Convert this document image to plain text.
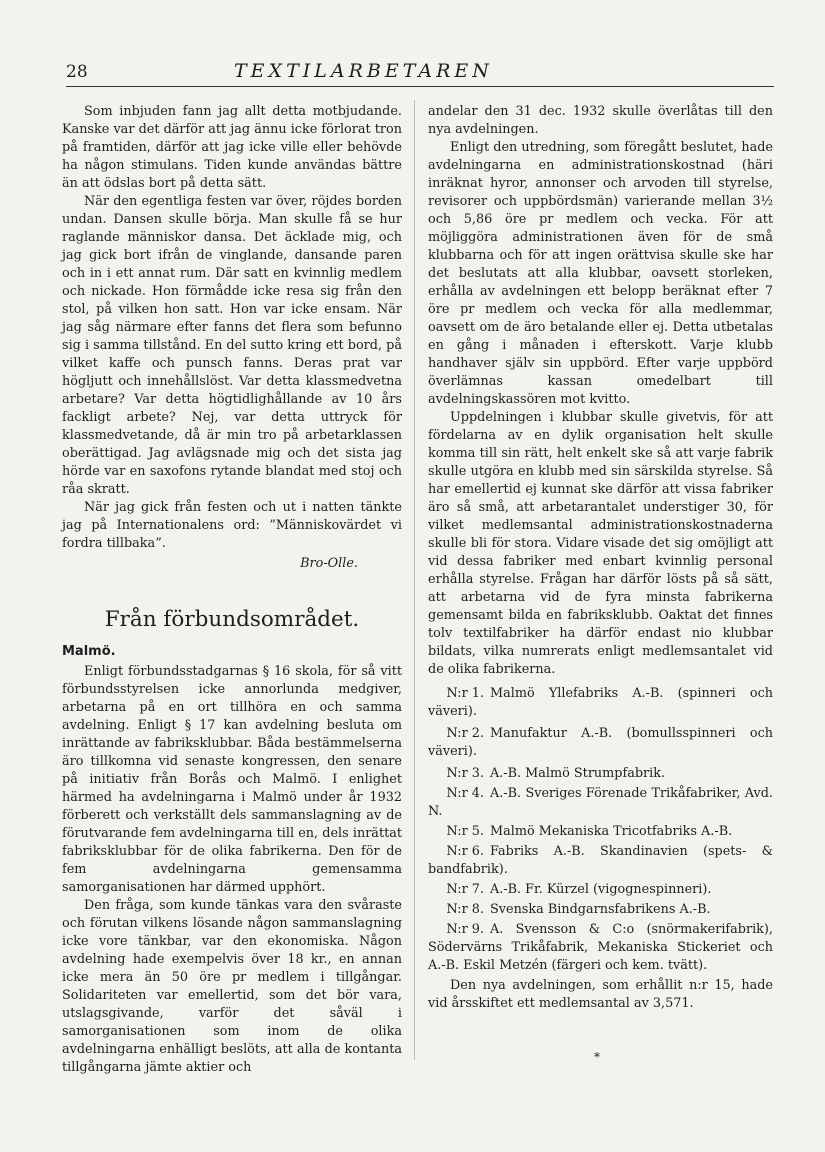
28	TEXTILARBETAREN

Som inbjuden fann jag allt detta motbjudande. Kanske var det därför att jag ännu icke förlorat tron på framtiden, därför att jag icke ville eller behövde ha någon stimulans. Tiden kunde användas bättre än att ödslas bort på detta sätt.

När den egentliga festen var över, röjdes borden undan. Dansen skulle börja. Man skulle få se hur raglande människor dansa. Det äcklade mig, och jag gick bort ifrån de vinglande, dansande paren och in i ett annat rum. Där satt en kvinnlig medlem och nickade. Hon förmådde icke resa sig från den stol, på vilken hon satt. Hon var icke ensam. När jag såg närmare efter fanns det flera som befunno sig i samma tillstånd. En del sutto kring ett bord, på vilket kaffe och punsch fanns. Deras prat var högljutt och innehållslöst. Var detta klassmedvetna arbetare? Var detta högtidlighållande av 10 års fackligt arbete? Nej, var detta uttryck för klassmedvetande, då är min tro på arbetarklassen oberättigad. Jag avlägsnade mig och det sista jag hörde var en saxofons rytande blandat med stoj och råa skratt.

När jag gick från festen och ut i natten tänkte jag på Internationalens ord: ”Människovärdet vi fordra tillbaka”.

Bro-Olle.
Från förbundsområdet.
Malmö.

Enligt förbundsstadgarnas § 16 skola, för så vitt förbundsstyrelsen icke annorlunda medgiver, arbetarna på en ort tillhöra en och samma avdelning. Enligt § 17 kan avdelning besluta om inrättande av fabriksklubbar. Båda bestämmelserna äro tillkomna vid senaste kongressen, den senare på initiativ från Borås och Malmö. I enlighet härmed ha avdelningarna i Malmö under år 1932 förberett och verkställt dels sammanslagning av de förutvarande fem avdelningarna till en, dels inrättat fabriksklubbar för de olika fabrikerna. Den för de fem avdelningarna gemensamma samorganisationen har därmed upphört.

Den fråga, som kunde tänkas vara den svåraste och förutan vilkens lösande någon sammanslagning icke vore tänkbar, var den ekonomiska. Någon avdelning hade exempelvis över 18 kr., en annan icke mera än 50 öre pr medlem i tillgångar. Solidariteten var emellertid, som det bör vara, utslagsgivande, varför det såväl i samorganisationen som inom de olika avdelningarna enhälligt beslöts, att alla de kontanta tillgångarna jämte aktier och

andelar den 31 dec. 1932 skulle överlåtas till den nya avdelningen.

Enligt den utredning, som föregått beslutet, hade avdelningarna en administrationskostnad (häri inräknat hyror, annonser och arvoden till styrelse, revisorer och uppbördsmän) varierande mellan 3½ och 5,86 öre pr medlem och vecka. För att möjliggöra administrationen även för de små klubbarna och för att ingen orättvisa skulle ske har det beslutats att alla klubbar, oavsett storleken, erhålla av avdelningen ett belopp beräknat efter 7 öre pr medlem och vecka för alla medlemmar, oavsett om de äro betalande eller ej. Detta utbetalas en gång i månaden i efterskott. Varje klubb handhaver själv sin uppbörd. Efter varje uppbörd överlämnas kassan omedelbart till avdelningskassören mot kvitto.

Uppdelningen i klubbar skulle givetvis, för att fördelarna av en dylik organisation helt skulle komma till sin rätt, helt enkelt ske så att varje fabrik skulle utgöra en klubb med sin särskilda styrelse. Så har emellertid ej kunnat ske därför att vissa fabriker äro så små, att arbetarantalet understiger 30, för vilket medlemsantal administrationskostnaderna skulle bli för stora. Vidare visade det sig omöjligt att vid dessa fabriker med enbart kvinnlig personal erhålla styrelse. Frågan har därför lösts på så sätt, att arbetarna vid de fyra minsta fabrikerna gemensamt bilda en fabriksklubb. Oaktat det finnes tolv textilfabriker ha därför endast nio klubbar bildats, vilka numrerats enligt medlemsantalet vid de olika fabrikerna.

N:r 1. Malmö Yllefabriks A.-B. (spinneri och väveri).

N:r 2. Manufaktur A.-B. (bomullsspinneri och väveri).

N:r 3. A.-B. Malmö Strumpfabrik.

N:r 4. A.-B. Sveriges Förenade Trikåfabriker, Avd. N.

N:r 5. Malmö Mekaniska Tricotfabriks A.-B.

N:r 6. Fabriks A.-B. Skandinavien (spets- & bandfabrik).

N:r 7. A.-B. Fr. Kürzel (vigognespinneri).

N:r 8. Svenska Bindgarnsfabrikens A.-B.

N:r 9. A. Svensson & C:o (snörmakerifabrik), Södervärns Trikåfabrik, Mekaniska Stickeriet och A.-B. Eskil Metzén (färgeri och kem. tvätt).

Den nya avdelningen, som erhållit n:r 15, hade vid årsskiftet ett medlemsantal av 3,571.

*
